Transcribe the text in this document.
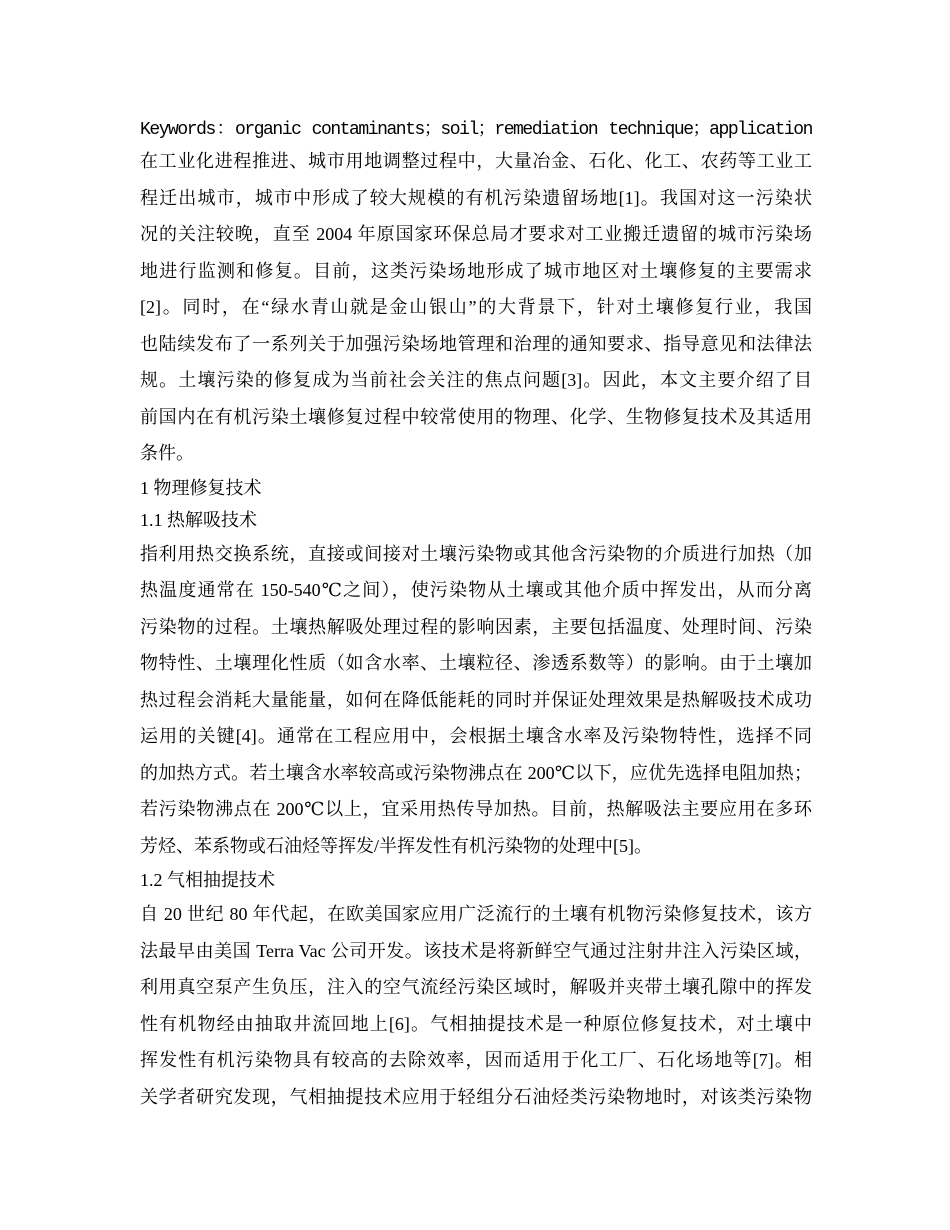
Keywords：organic contaminants；soil；remediation technique；application
在工业化进程推进、城市用地调整过程中，大量冶金、石化、化工、农药等工业工
程迁出城市，城市中形成了较大规模的有机污染遗留场地[1]。我国对这一污染状
况的关注较晚，直至 2004 年原国家环保总局才要求对工业搬迁遗留的城市污染场
地进行监测和修复。目前，这类污染场地形成了城市地区对土壤修复的主要需求
[2]。同时，在“绿水青山就是金山银山”的大背景下，针对土壤修复行业，我国
也陆续发布了一系列关于加强污染场地管理和治理的通知要求、指导意见和法律法
规。土壤污染的修复成为当前社会关注的焦点问题[3]。因此，本文主要介绍了目
前国内在有机污染土壤修复过程中较常使用的物理、化学、生物修复技术及其适用
条件。
1 物理修复技术
1.1 热解吸技术
指利用热交换系统，直接或间接对土壤污染物或其他含污染物的介质进行加热（加
热温度通常在 150-540℃之间），使污染物从土壤或其他介质中挥发出，从而分离
污染物的过程。土壤热解吸处理过程的影响因素，主要包括温度、处理时间、污染
物特性、土壤理化性质（如含水率、土壤粒径、渗透系数等）的影响。由于土壤加
热过程会消耗大量能量，如何在降低能耗的同时并保证处理效果是热解吸技术成功
运用的关键[4]。通常在工程应用中，会根据土壤含水率及污染物特性，选择不同
的加热方式。若土壤含水率较高或污染物沸点在 200℃以下，应优先选择电阻加热；
若污染物沸点在 200℃以上，宜采用热传导加热。目前，热解吸法主要应用在多环
芳烃、苯系物或石油烃等挥发/半挥发性有机污染物的处理中[5]。
1.2 气相抽提技术
自 20 世纪 80 年代起，在欧美国家应用广泛流行的土壤有机物污染修复技术，该方
法最早由美国 Terra Vac 公司开发。该技术是将新鲜空气通过注射井注入污染区域，
利用真空泵产生负压，注入的空气流经污染区域时，解吸并夹带土壤孔隙中的挥发
性有机物经由抽取井流回地上[6]。气相抽提技术是一种原位修复技术，对土壤中
挥发性有机污染物具有较高的去除效率，因而适用于化工厂、石化场地等[7]。相
关学者研究发现，气相抽提技术应用于轻组分石油烃类污染物地时，对该类污染物
